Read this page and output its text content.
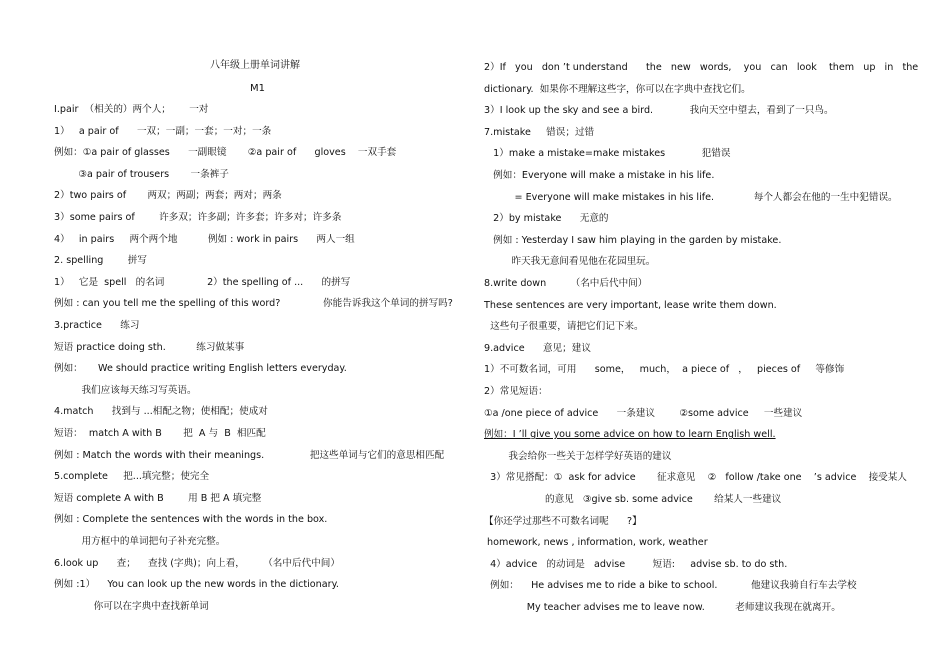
八年级上册单词讲解
M1
I.pair  （相关的）两个人；      一对
1）   a pair of      一双；一副；一套；一对；一条
例如：①a pair of glasses      一副眼镜       ②a pair of      gloves    一双手套
③a pair of trousers       一条裤子
2）two pairs of       两双；两副；两套；两对；两条
3）some pairs of        许多双；许多副；许多套；许多对；许多条
4）   in pairs     两个两个地          例如 : work in pairs      两人一组
2. spelling        拼写
1）   它是  spell   的名词              2）the spelling of ...      的拼写
例如 : can you tell me the spelling of this word?              你能告诉我这个单词的拼写吗?
3.practice      练习
短语 practice doing sth.          练习做某事
例如：     We should practice writing English letters everyday.
我们应该每天练习写英语。
4.match      找到与 ...相配之物；使相配；使成对
短语：  match A with B       把  A 与  B  相匹配
例如 : Match the words with their meanings.               把这些单词与它们的意思相匹配
5.complete     把...填完整；使完全
短语 complete A with B        用 B 把 A 填完整
例如 : Complete the sentences with the words in the box.
用方框中的单词把句子补充完整。
6.look up      查；    查找 (字典)；向上看，      （名中后代中间）
例如 :1）    You can look up the new words in the dictionary.
你可以在字典中查找新单词
2）If   you   don ’t understand      the   new   words,    you   can   look    them   up   in   the
dictionary.  如果你不理解这些字，你可以在字典中查找它们。
3）I look up the sky and see a bird.            我向天空中望去，看到了一只鸟。
7.mistake     错误；过错
1）make a mistake=make mistakes            犯错误
例如：Everyone will make a mistake in his life.
= Everyone will make mistakes in his life.             每个人都会在他的一生中犯错误。
2）by mistake      无意的
例如 : Yesterday I saw him playing in the garden by mistake.
昨天我无意间看见他在花园里玩。
8.write down        （名中后代中间）
These sentences are very important, lease write them down.
这些句子很重要，请把它们记下来。
9.advice      意见；建议
1）不可数名词，可用      some，   much，  a piece of   ，   pieces of     等修饰
2）常见短语：
①a /one piece of advice      一条建议        ②some advice     一些建议
例如：I ’ll give you some advice on how to learn English well.
我会给你一些关于怎样学好英语的建议
3）常见搭配：①  ask for advice       征求意见    ②   follow /take one    ’s advice    接受某人
的意见   ③give sb. some advice       给某人一些建议
【你还学过那些不可数名词呢      ?】
homework, news , information, work, weather
4）advice   的动词是   advise         短语:     advise sb. to do sth.
例如：    He advises me to ride a bike to school.           他建议我骑自行车去学校
My teacher advises me to leave now.          老师建议我现在就离开。
